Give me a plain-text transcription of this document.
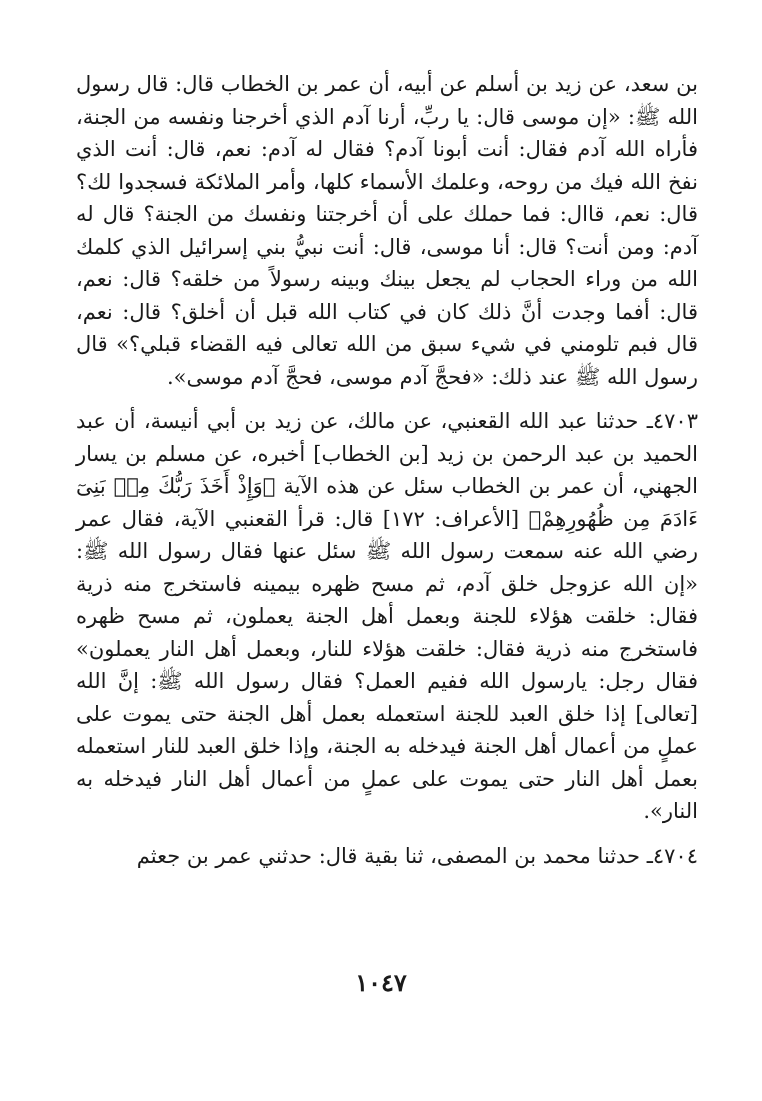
بن سعد، عن زيد بن أسلم عن أبيه، أن عمر بن الخطاب قال: قال رسول الله ﷺ: «إن موسى قال: يا ربِّ، أرنا آدم الذي أخرجنا ونفسه من الجنة، فأراه الله آدم فقال: أنت أبونا آدم؟ فقال له آدم: نعم، قال: أنت الذي نفخ الله فيك من روحه، وعلمك الأسماء كلها، وأمر الملائكة فسجدوا لك؟ قال: نعم، قاال: فما حملك على أن أخرجتنا ونفسك من الجنة؟ قال له آدم: ومن أنت؟ قال: أنا موسى، قال: أنت نبيُّ بني إسرائيل الذي كلمك الله من وراء الحجاب لم يجعل بينك وبينه رسولاً من خلقه؟ قال: نعم، قال: أفما وجدت أنَّ ذلك كان في كتاب الله قبل أن أخلق؟ قال: نعم، قال فبم تلومني في شيء سبق من الله تعالى فيه القضاء قبلي؟» قال رسول الله ﷺ عند ذلك: «فحجَّ آدم موسى، فحجَّ آدم موسى».

٤٧٠٣ـ حدثنا عبد الله القعنبي، عن مالك، عن زيد بن أبي أنيسة، أن عبد الحميد بن عبد الرحمن بن زيد [بن الخطاب] أخبره، عن مسلم بن يسار الجهني، أن عمر بن الخطاب سئل عن هذه الآية ﴿وَإِذْ أَخَذَ رَبُّكَ مِنۢ بَنِىٓ ءَادَمَ مِن ظُهُورِهِمْ﴾ [الأعراف: ١٧٢] قال: قرأ القعنبي الآية، فقال عمر رضي الله عنه سمعت رسول الله ﷺ سئل عنها فقال رسول الله ﷺ: «إن الله عزوجل خلق آدم، ثم مسح ظهره بيمينه فاستخرج منه ذرية فقال: خلقت هؤلاء للجنة وبعمل أهل الجنة يعملون، ثم مسح ظهره فاستخرج منه ذرية فقال: خلقت هؤلاء للنار، وبعمل أهل النار يعملون» فقال رجل: يارسول الله ففيم العمل؟ فقال رسول الله ﷺ: إنَّ الله [تعالى] إذا خلق العبد للجنة استعمله بعمل أهل الجنة حتى يموت على عملٍ من أعمال أهل الجنة فيدخله به الجنة، وإذا خلق العبد للنار استعمله بعمل أهل النار حتى يموت على عملٍ من أعمال أهل النار فيدخله به النار».

٤٧٠٤ـ حدثنا محمد بن المصفى، ثنا بقية قال: حدثني عمر بن جعثم

١٠٤٧
